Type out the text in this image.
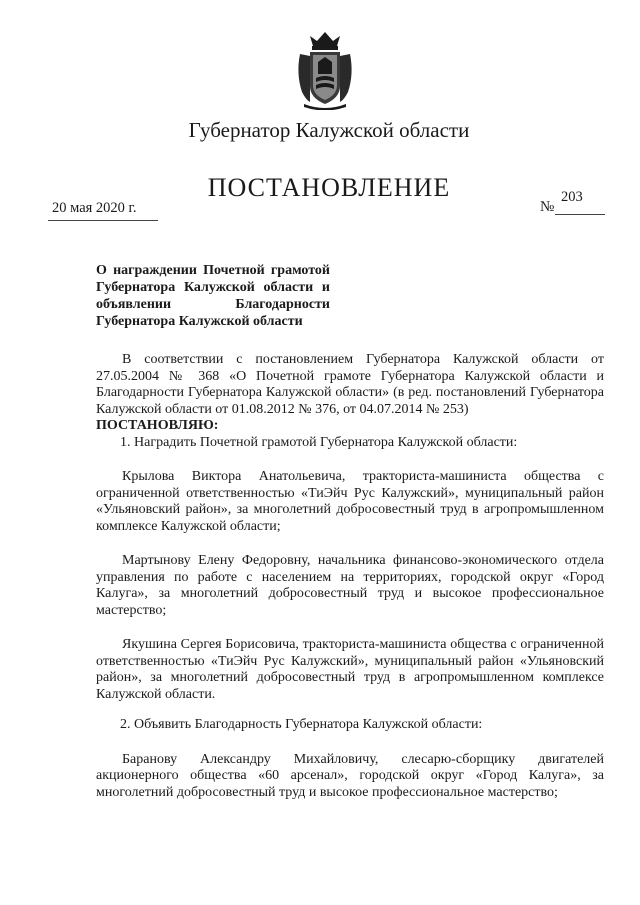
Губернатор Калужской области
ПОСТАНОВЛЕНИЕ
20 мая 2020 г.	№
203
О награждении Почетной грамотой Губернатора Калужской области и объявлении Благодарности Губернатора Калужской области

В соответствии с постановлением Губернатора Калужской области от 27.05.2004 № 368 «О Почетной грамоте Губернатора Калужской области и Благодарности Губернатора Калужской области» (в ред. постановлений Губернатора Калужской области от 01.08.2012 № 376, от 04.07.2014 № 253)

ПОСТАНОВЛЯЮ:

1. Наградить Почетной грамотой Губернатора Калужской области:

Крылова Виктора Анатольевича, тракториста-машиниста общества с ограниченной ответственностью «ТиЭйч Рус Калужский», муниципальный район «Ульяновский район», за многолетний добросовестный труд в агропромышленном комплексе Калужской области;

Мартынову Елену Федоровну, начальника финансово-экономического отдела управления по работе с населением на территориях, городской округ «Город Калуга», за многолетний добросовестный труд и высокое профессиональное мастерство;

Якушина Сергея Борисовича, тракториста-машиниста общества с ограниченной ответственностью «ТиЭйч Рус Калужский», муниципальный район «Ульяновский район», за многолетний добросовестный труд в агропромышленном комплексе Калужской области.

2. Объявить Благодарность Губернатора Калужской области:

Баранову Александру Михайловичу, слесарю-сборщику двигателей акционерного общества «60 арсенал», городской округ «Город Калуга», за многолетний добросовестный труд и высокое профессиональное мастерство;
